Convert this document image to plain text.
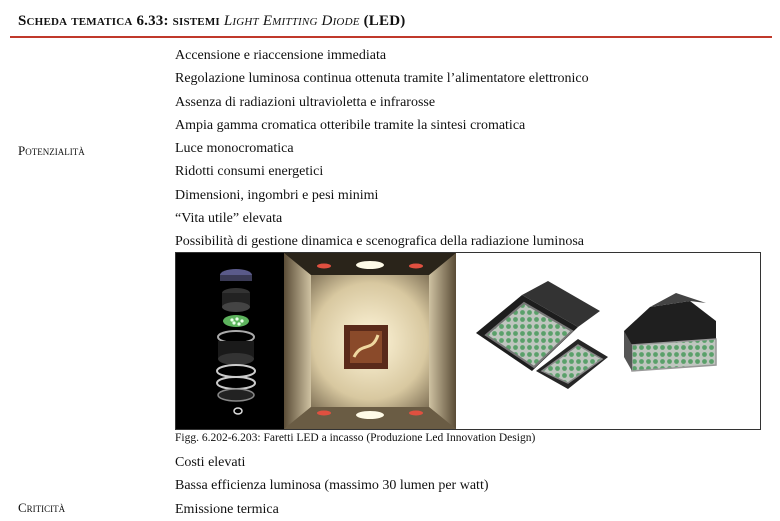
Scheda tematica 6.33: sistemi Light Emitting Diode (LED)
Potenzialità
Accensione e riaccensione immediata
Regolazione luminosa continua ottenuta tramite l’alimentatore elettronico
Assenza di radiazioni ultravioletta e infrarosse
Ampia gamma cromatica otteribile tramite la sintesi cromatica
Luce monocromatica
Ridotti consumi energetici
Dimensioni, ingombri e pesi minimi
“Vita utile” elevata
Possibilità di gestione dinamica e scenografica della radiazione luminosa
Figg. 6.202-6.203: Faretti LED a incasso (Produzione Led Innovation Design)
Costi elevati
Bassa efficienza luminosa (massimo 30 lumen per watt)
Emissione termica
Criticità
